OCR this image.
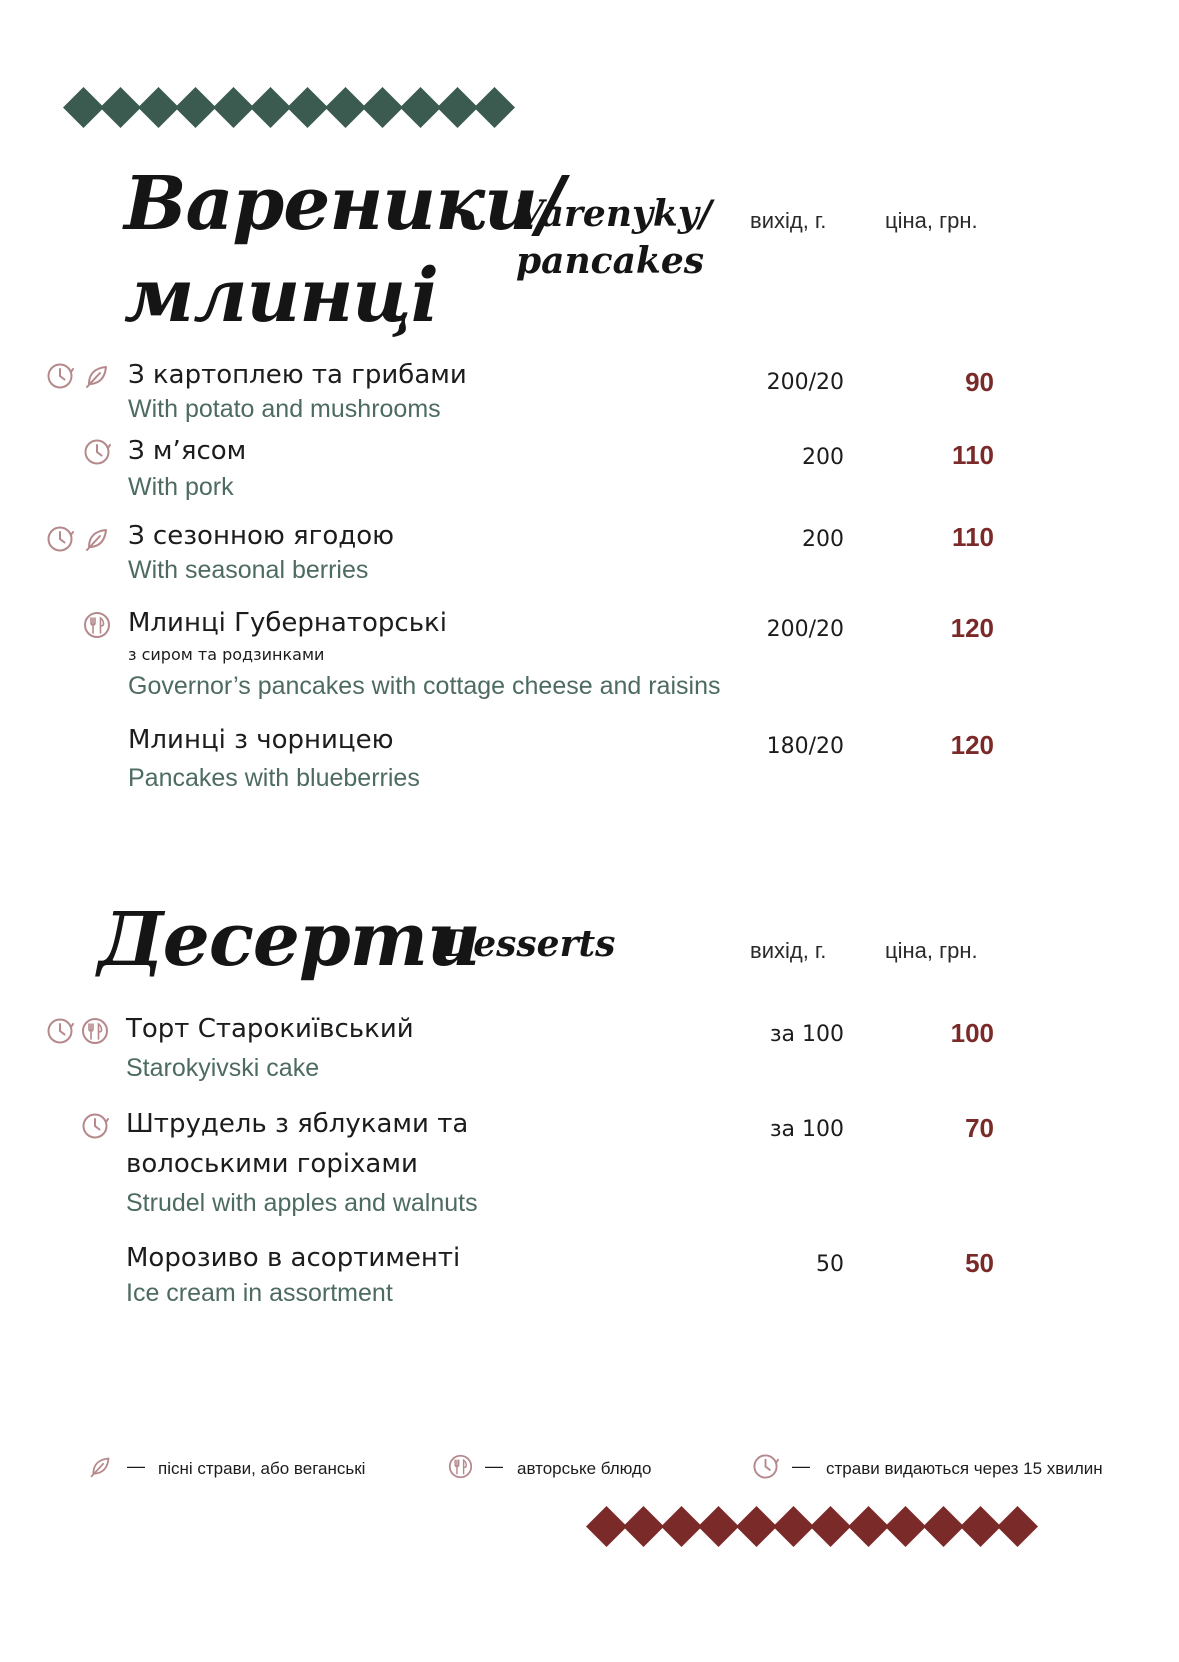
Вареники/
млинці
Varenyky/
pancakes
вихід, г.	ціна, грн.
З картоплею та грибами
With potato and mushrooms
200/20	90
З м’ясом
With pork
200	110
З сезонною ягодою
With seasonal berries
200	110
Млинці Губернаторські
з сиром та родзинками
Governor’s pancakes with cottage cheese and raisins
200/20	120
Млинці з чорницею
Pancakes with blueberries
180/20	120
Десерти
Desserts	вихід, г.	ціна, грн.
Торт Старокиївський
Starokyivski cake
за 100	100
Штрудель з яблуками та
волоськими горіхами
Strudel with apples and walnuts
за 100	70
Морозиво в асортименті
Ice cream in assortment
50	50
— пісні страви, або веганські	— авторське блюдо	— страви видаються через 15 хвилин
